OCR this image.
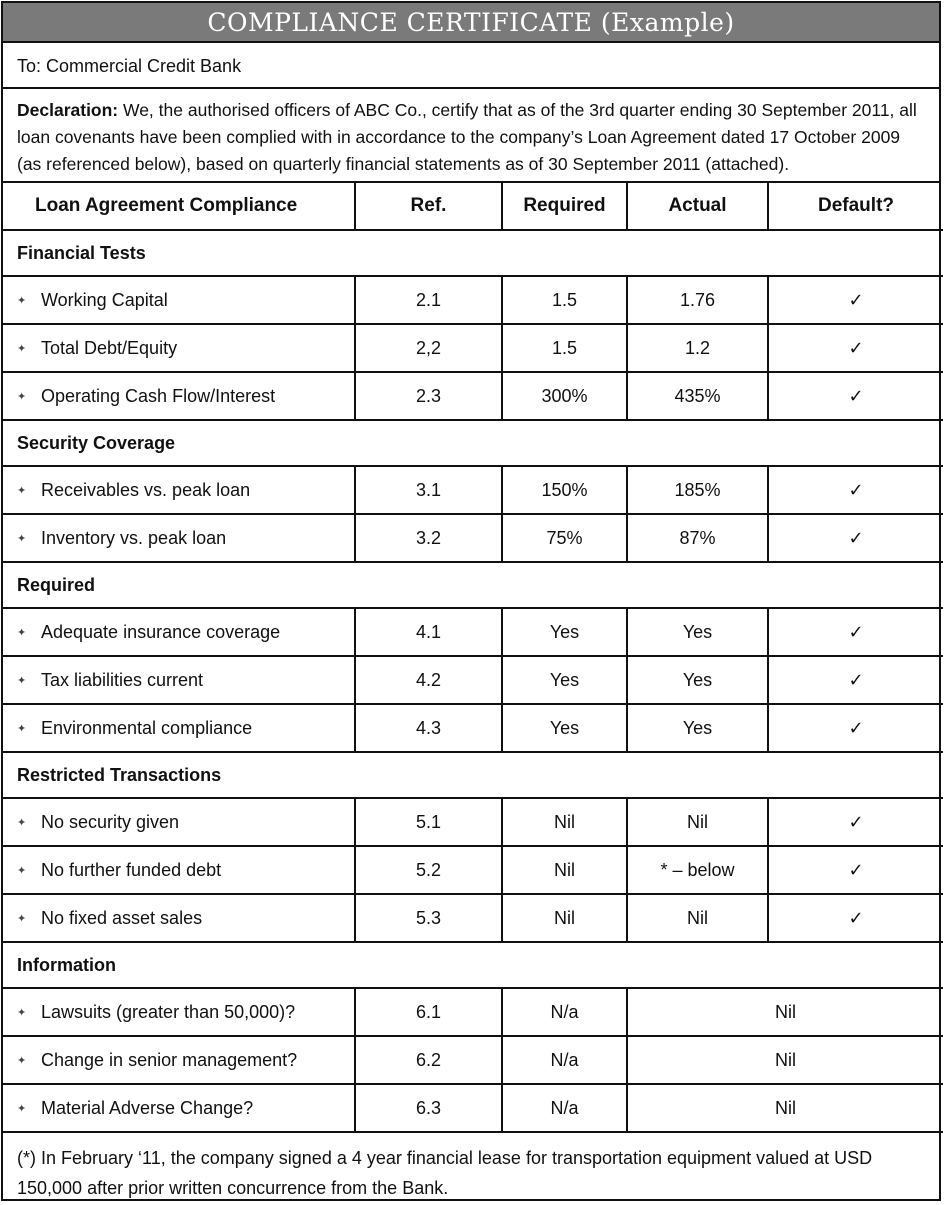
COMPLIANCE CERTIFICATE (Example)
To: Commercial Credit Bank
Declaration: We, the authorised officers of ABC Co., certify that as of the 3rd quarter ending 30 September 2011, all loan covenants have been complied with in accordance to the company’s Loan Agreement dated 17 October 2009 (as referenced below), based on quarterly financial statements as of 30 September 2011 (attached).
Loan Agreement Compliance	Ref.	Required	Actual	Default?
Financial Tests				
✦ Working Capital	2.1	1.5	1.76	✓
✦ Total Debt/Equity	2,2	1.5	1.2	✓
✦ Operating Cash Flow/Interest	2.3	300%	435%	✓
Security Coverage				
✦ Receivables vs. peak loan	3.1	150%	185%	✓
✦ Inventory vs. peak loan	3.2	75%	87%	✓
Required				
✦ Adequate insurance coverage	4.1	Yes	Yes	✓
✦ Tax liabilities current	4.2	Yes	Yes	✓
✦ Environmental compliance	4.3	Yes	Yes	✓
Restricted Transactions				
✦ No security given	5.1	Nil	Nil	✓
✦ No further funded debt	5.2	Nil	* – below	✓
✦ No fixed asset sales	5.3	Nil	Nil	✓
Information				
✦ Lawsuits (greater than 50,000)?	6.1	N/a	Nil	
✦ Change in senior management?	6.2	N/a	Nil	
✦ Material Adverse Change?	6.3	N/a	Nil	
(*) In February ‘11, the company signed a 4 year financial lease for transportation equipment valued at USD 150,000 after prior written concurrence from the Bank.
